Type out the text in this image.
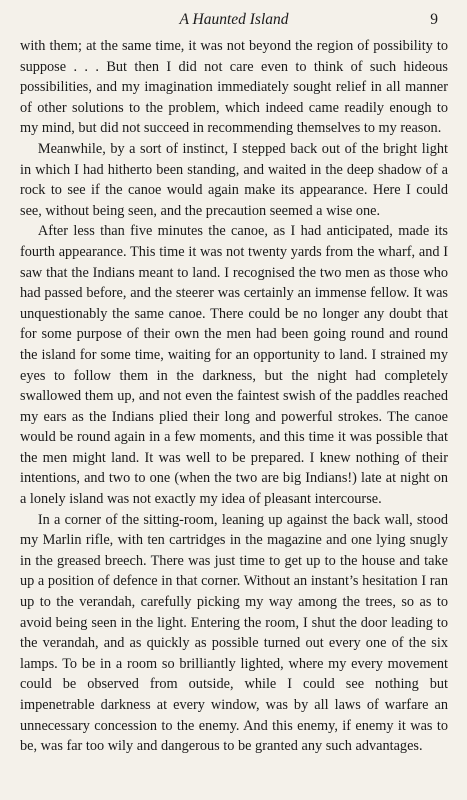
A Haunted Island	9

with them; at the same time, it was not beyond the region of possibility to suppose . . . But then I did not care even to think of such hideous possibilities, and my imagination immediately sought relief in all manner of other solutions to the problem, which indeed came readily enough to my mind, but did not succeed in recommending themselves to my reason.

Meanwhile, by a sort of instinct, I stepped back out of the bright light in which I had hitherto been standing, and waited in the deep shadow of a rock to see if the canoe would again make its appearance. Here I could see, without being seen, and the precaution seemed a wise one.

After less than five minutes the canoe, as I had anticipated, made its fourth appearance. This time it was not twenty yards from the wharf, and I saw that the Indians meant to land. I recognised the two men as those who had passed before, and the steerer was certainly an immense fellow. It was unquestionably the same canoe. There could be no longer any doubt that for some purpose of their own the men had been going round and round the island for some time, waiting for an opportunity to land. I strained my eyes to follow them in the darkness, but the night had completely swallowed them up, and not even the faintest swish of the paddles reached my ears as the Indians plied their long and powerful strokes. The canoe would be round again in a few moments, and this time it was possible that the men might land. It was well to be prepared. I knew nothing of their intentions, and two to one (when the two are big Indians!) late at night on a lonely island was not exactly my idea of pleasant intercourse.

In a corner of the sitting-room, leaning up against the back wall, stood my Marlin rifle, with ten cartridges in the magazine and one lying snugly in the greased breech. There was just time to get up to the house and take up a position of defence in that corner. Without an instant’s hesitation I ran up to the verandah, carefully picking my way among the trees, so as to avoid being seen in the light. Entering the room, I shut the door leading to the verandah, and as quickly as possible turned out every one of the six lamps. To be in a room so brilliantly lighted, where my every movement could be observed from outside, while I could see nothing but impenetrable darkness at every window, was by all laws of warfare an unnecessary concession to the enemy. And this enemy, if enemy it was to be, was far too wily and dangerous to be granted any such advantages.
